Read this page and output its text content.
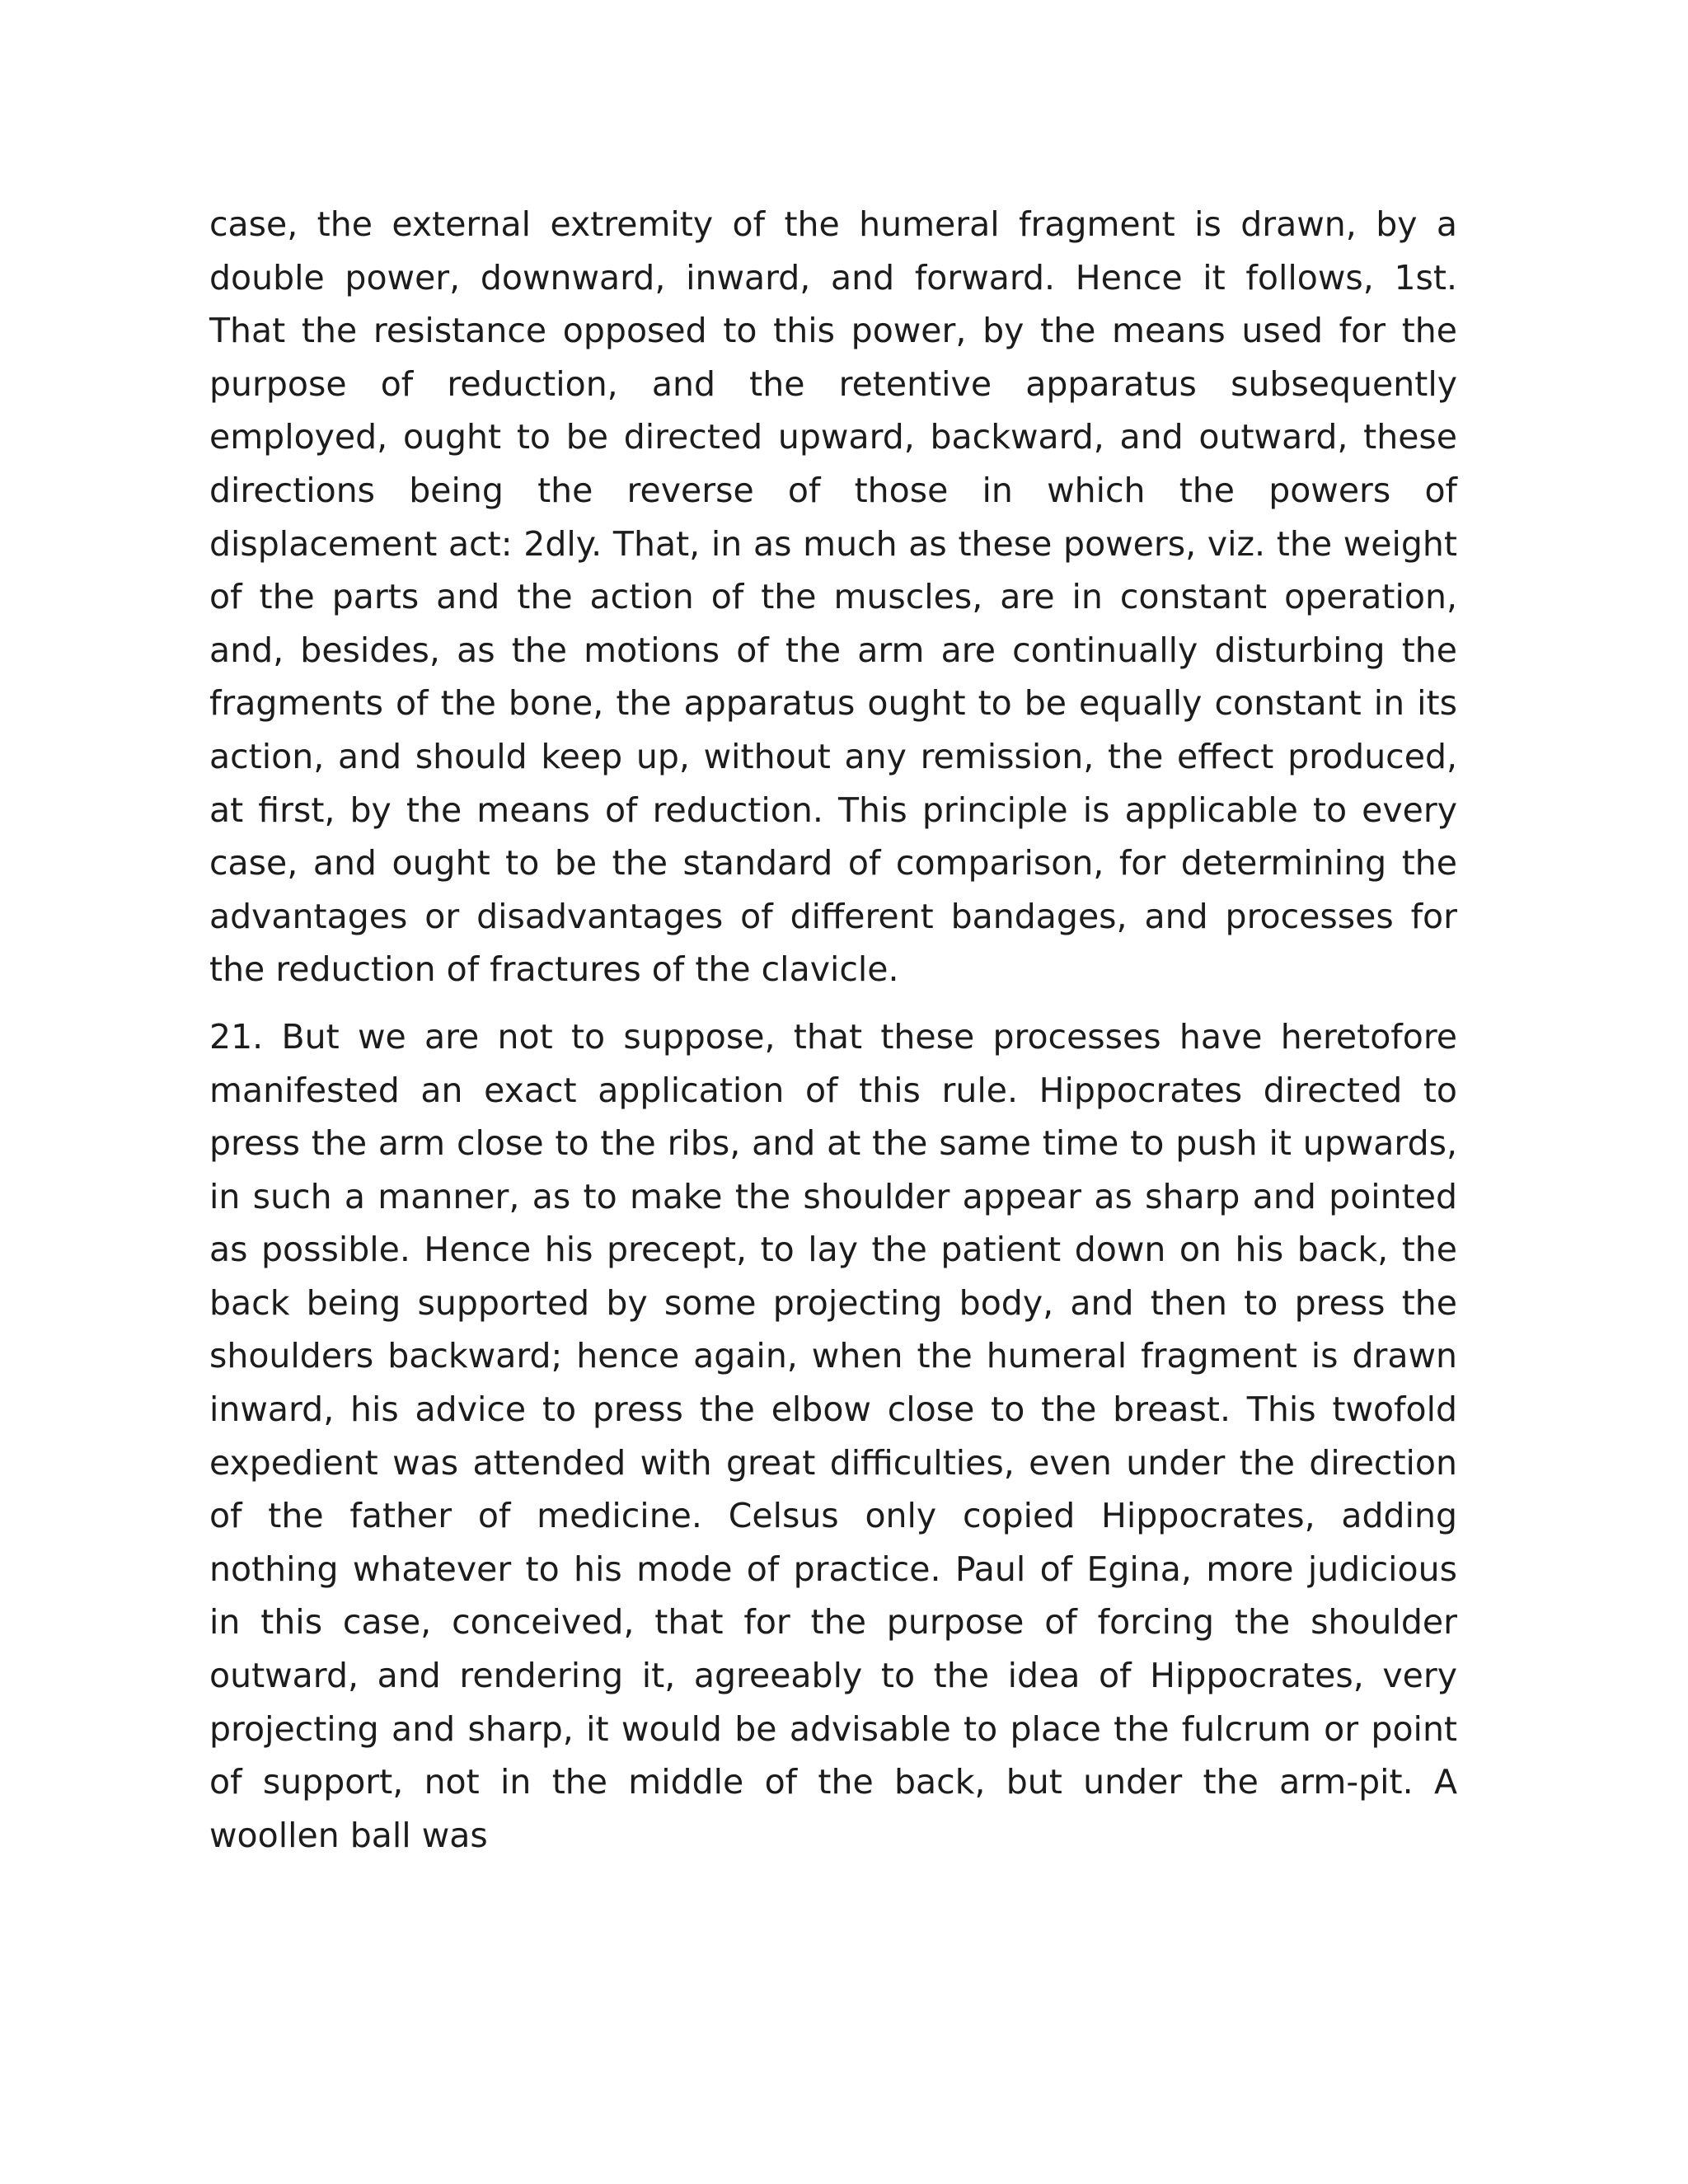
case, the external extremity of the humeral fragment is drawn, by a double power, downward, inward, and forward. Hence it follows, 1st. That the resistance opposed to this power, by the means used for the purpose of reduction, and the retentive apparatus subsequently employed, ought to be directed upward, backward, and outward, these directions being the reverse of those in which the powers of displacement act: 2dly. That, in as much as these powers, viz. the weight of the parts and the action of the muscles, are in constant operation, and, besides, as the motions of the arm are continually disturbing the fragments of the bone, the apparatus ought to be equally constant in its action, and should keep up, without any remission, the effect produced, at first, by the means of reduction. This principle is applicable to every case, and ought to be the standard of comparison, for determining the advantages or disadvantages of different bandages, and processes for the reduction of fractures of the clavicle.

21. But we are not to suppose, that these processes have heretofore manifested an exact application of this rule. Hippocrates directed to press the arm close to the ribs, and at the same time to push it upwards, in such a manner, as to make the shoulder appear as sharp and pointed as possible. Hence his precept, to lay the patient down on his back, the back being supported by some projecting body, and then to press the shoulders backward; hence again, when the humeral fragment is drawn inward, his advice to press the elbow close to the breast. This twofold expedient was attended with great difficulties, even under the direction of the father of medicine. Celsus only copied Hippocrates, adding nothing whatever to his mode of practice. Paul of Egina, more judicious in this case, conceived, that for the purpose of forcing the shoulder outward, and rendering it, agreeably to the idea of Hippocrates, very projecting and sharp, it would be advisable to place the fulcrum or point of support, not in the middle of the back, but under the arm-pit. A woollen ball was
